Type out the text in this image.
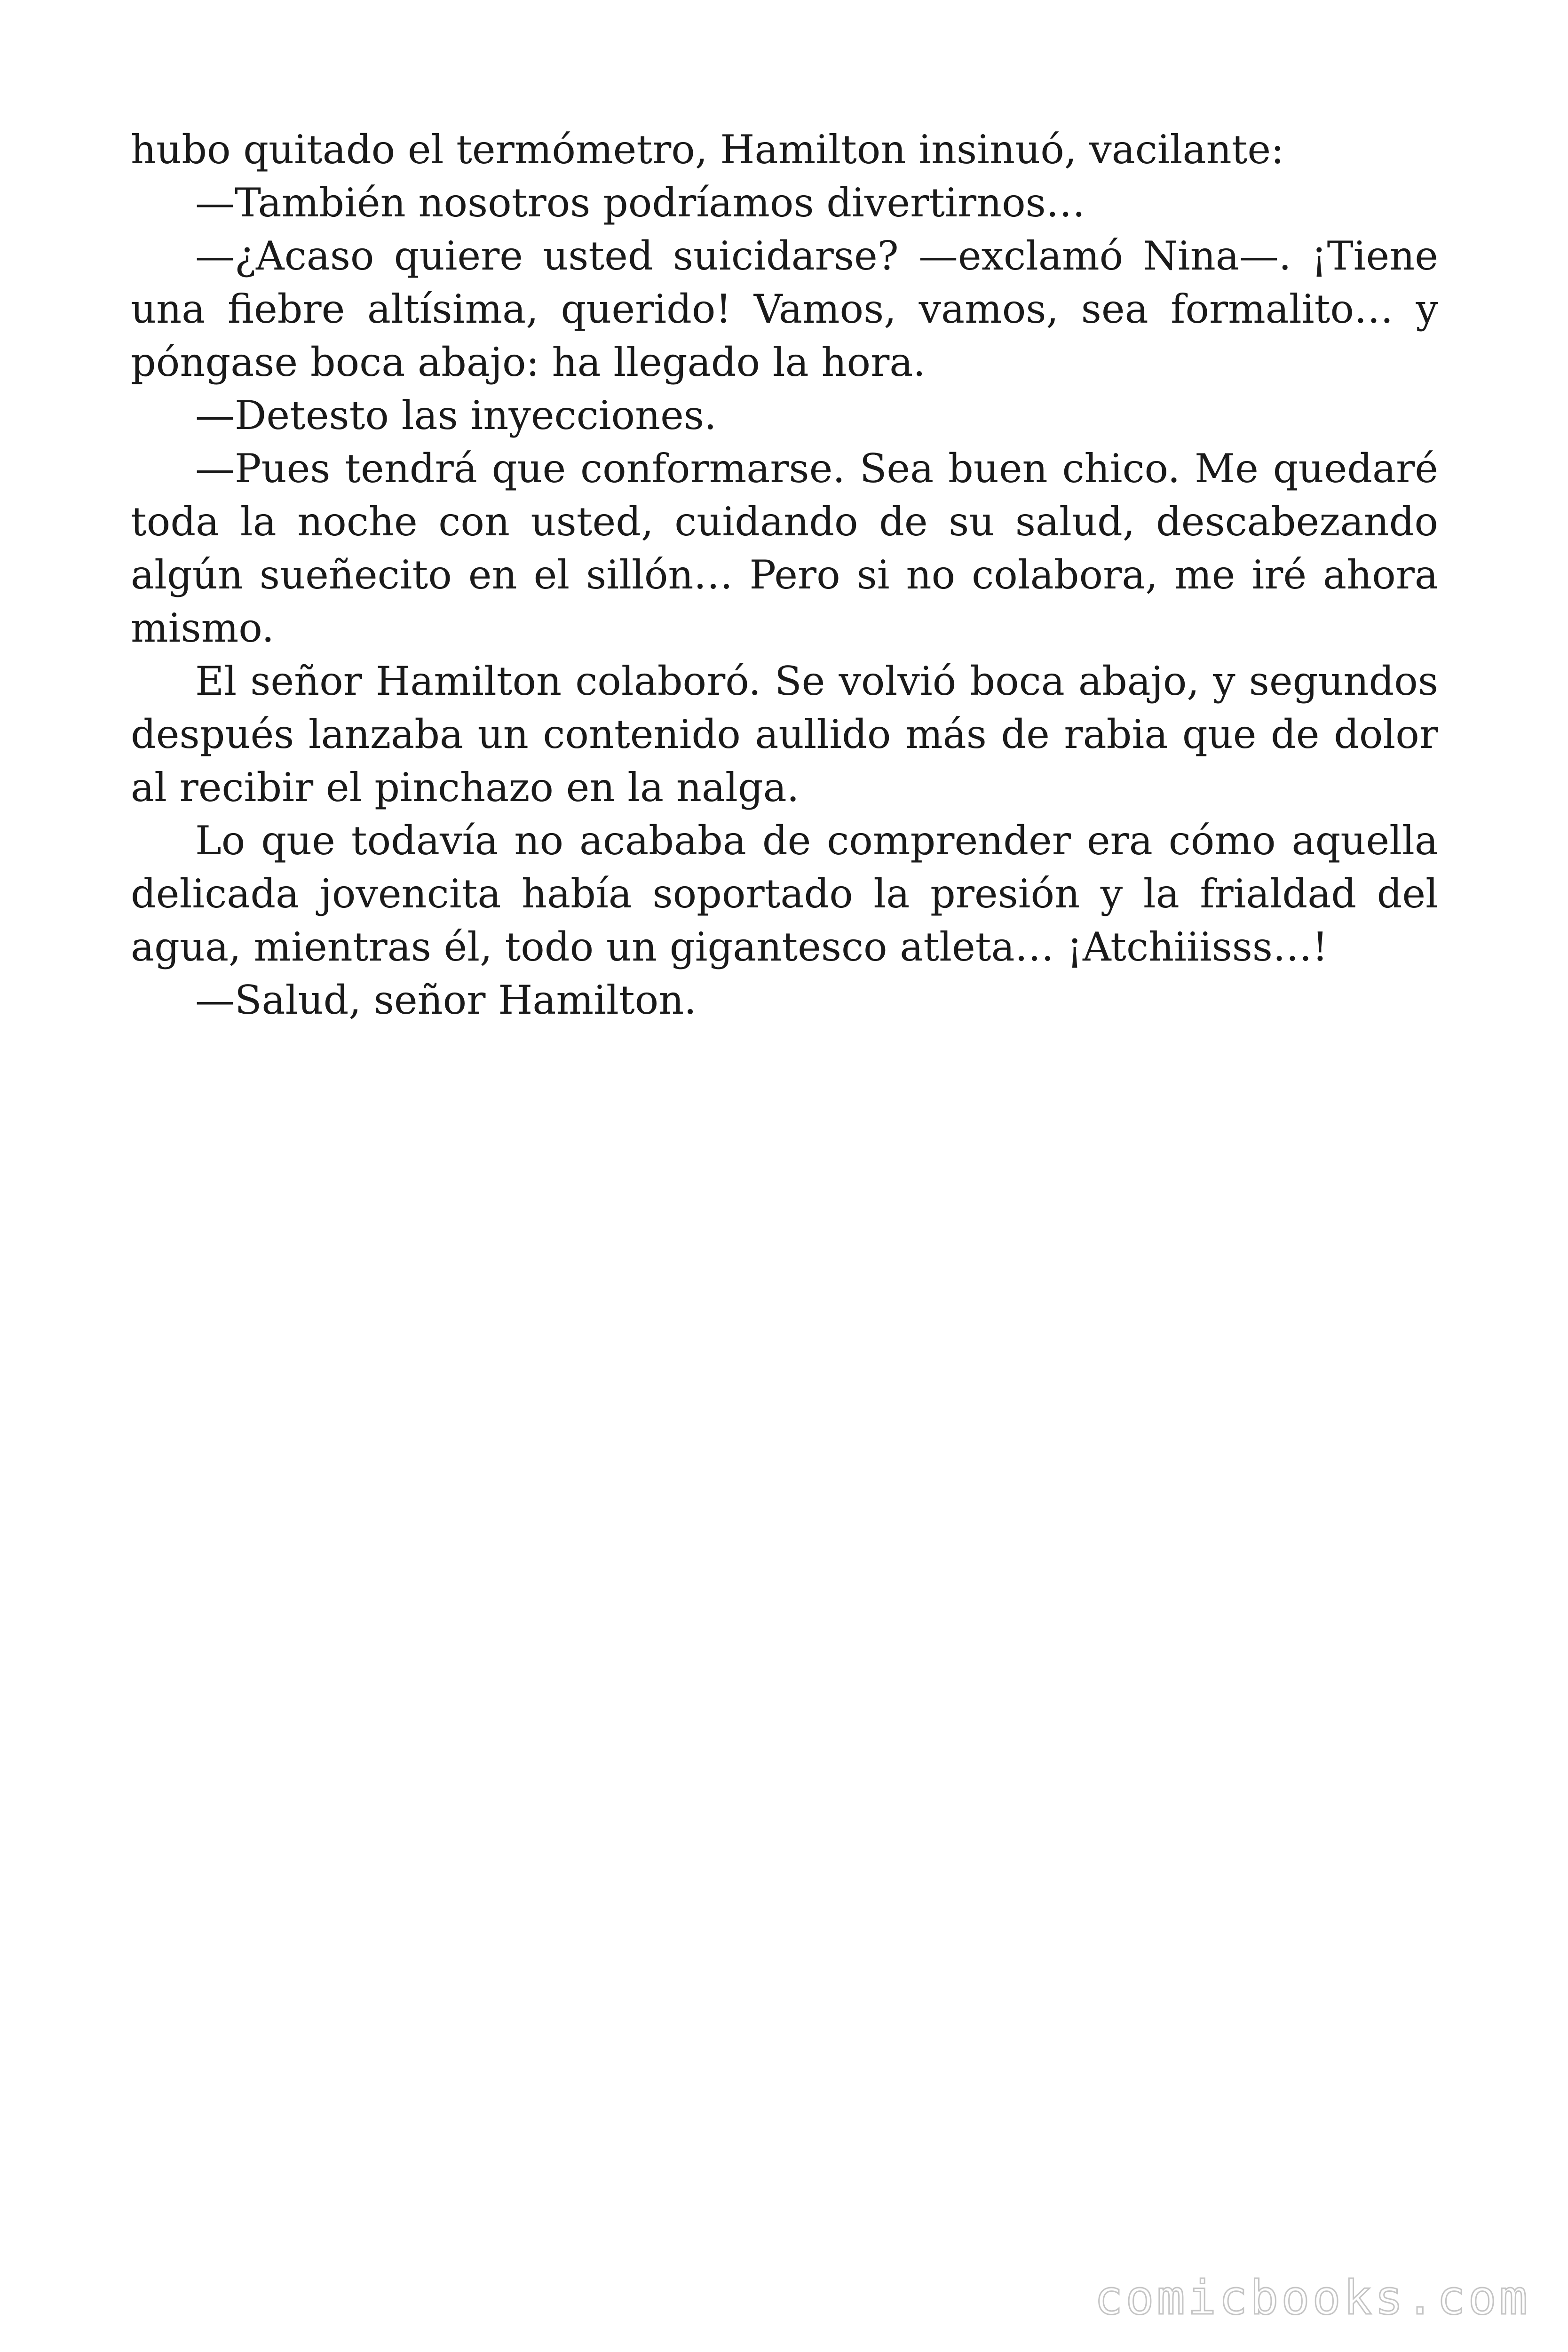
hubo quitado el termómetro, Hamilton insinuó, vacilante:

—También nosotros podríamos divertirnos…

—¿Acaso quiere usted suicidarse? —exclamó Nina—. ¡Tiene una fiebre altísima, querido! Vamos, vamos, sea formalito… y póngase boca abajo: ha llegado la hora.

—Detesto las inyecciones.

—Pues tendrá que conformarse. Sea buen chico. Me quedaré toda la noche con usted, cuidando de su salud, descabezando algún sueñecito en el sillón… Pero si no colabora, me iré ahora mismo.

El señor Hamilton colaboró. Se volvió boca abajo, y segundos después lanzaba un contenido aullido más de rabia que de dolor al recibir el pinchazo en la nalga.

Lo que todavía no acababa de comprender era cómo aquella delicada jovencita había soportado la presión y la frialdad del agua, mientras él, todo un gigantesco atleta… ¡Atchiiisss…!

—Salud, señor Hamilton.

comicbooks.com
